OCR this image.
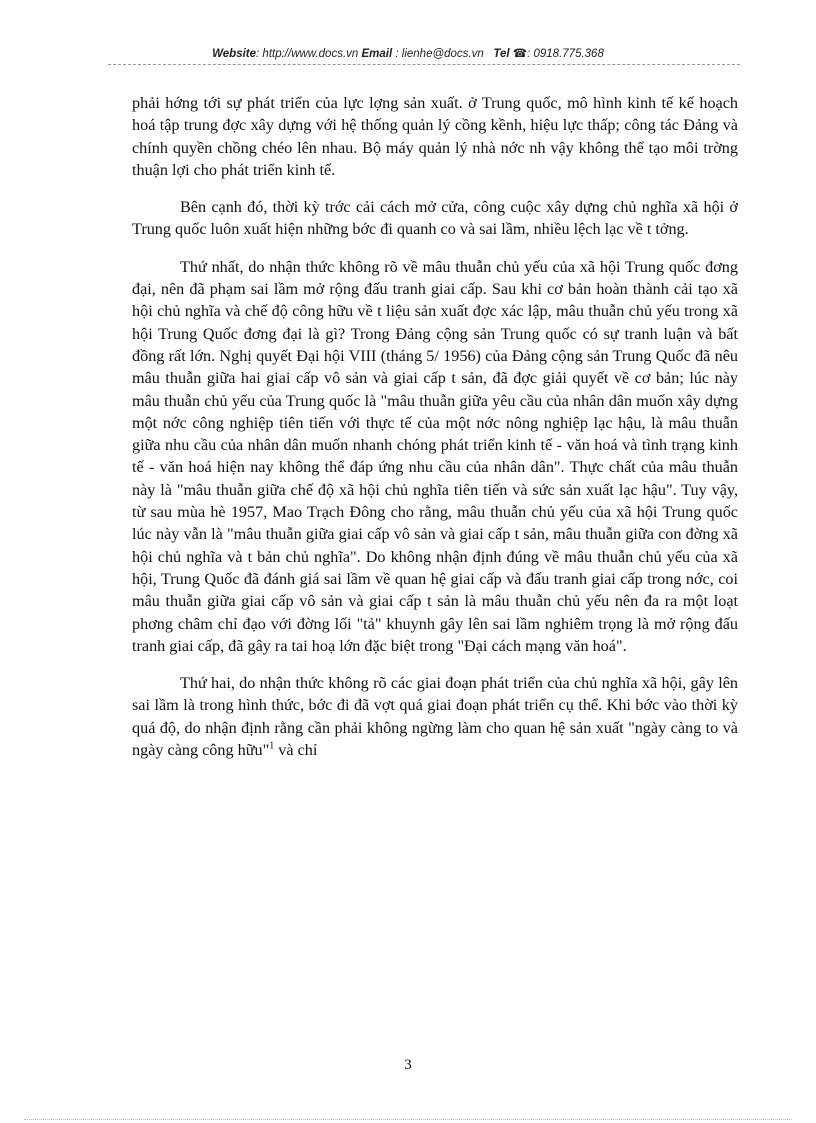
Website: http://www.docs.vn Email : lienhe@docs.vn Tel ☎: 0918.775.368

phải hớng tới sự phát triển của lực lợng sản xuất. ở Trung quốc, mô hình kinh tế kế hoạch hoá tập trung đợc xây dựng với hệ thống quản lý cồng kềnh, hiệu lực thấp; công tác Đảng và chính quyền chồng chéo lên nhau. Bộ máy quản lý nhà nớc nh vậy không thể tạo môi trờng thuận lợi cho phát triển kinh tế.

Bên cạnh đó, thời kỳ trớc cải cách mở cửa, công cuộc xây dựng chủ nghĩa xã hội ở Trung quốc luôn xuất hiện những bớc đi quanh co và sai lầm, nhiều lệch lạc về t tởng.

Thứ nhất, do nhận thức không rõ về mâu thuẫn chủ yếu của xã hội Trung quốc đơng đại, nên đã phạm sai lầm mở rộng đấu tranh giai cấp. Sau khi cơ bản hoàn thành cải tạo xã hội chủ nghĩa và chế độ công hữu về t liệu sản xuất đợc xác lập, mâu thuẫn chủ yếu trong xã hội Trung Quốc đơng đại là gì? Trong Đảng cộng sản Trung quốc có sự tranh luận và bất đồng rất lớn. Nghị quyết Đại hội VIII (tháng 5/ 1956) của Đảng cộng sản Trung Quốc đã nêu mâu thuẫn giữa hai giai cấp vô sản và giai cấp t sản, đã đợc giải quyết về cơ bản; lúc này mâu thuẫn chủ yếu của Trung quốc là "mâu thuẫn giữa yêu cầu của nhân dân muốn xây dựng một nớc công nghiệp tiên tiến với thực tế của một nớc nông nghiệp lạc hậu, là mâu thuẫn giữa nhu cầu của nhân dân muốn nhanh chóng phát triển kinh tế - văn hoá và tình trạng kinh tế - văn hoá hiện nay không thể đáp ứng nhu cầu của nhân dân". Thực chất của mâu thuẫn này là "mâu thuẫn giữa chế độ xã hội chủ nghĩa tiên tiến và sức sản xuất lạc hậu". Tuy vậy, từ sau mùa hè 1957, Mao Trạch Đông cho rằng, mâu thuẫn chủ yếu của xã hội Trung quốc lúc này vẫn là "mâu thuẫn giữa giai cấp vô sản và giai cấp t sản, mâu thuẫn giữa con đờng xã hội chủ nghĩa và t bản chủ nghĩa". Do không nhận định đúng về mâu thuẫn chủ yếu của xã hội, Trung Quốc đã đánh giá sai lầm về quan hệ giai cấp và đấu tranh giai cấp trong nớc, coi mâu thuẫn giữa giai cấp vô sản và giai cấp t sản là mâu thuẫn chủ yếu nên đa ra một loạt phơng châm chỉ đạo với đờng lối "tả" khuynh gây lên sai lầm nghiêm trọng là mở rộng đấu tranh giai cấp, đã gây ra tai hoạ lớn đặc biệt trong "Đại cách mạng văn hoá".

Thứ hai, do nhận thức không rõ các giai đoạn phát triển của chủ nghĩa xã hội, gây lên sai lầm là trong hình thức, bớc đi đã vợt quá giai đoạn phát triển cụ thể. Khi bớc vào thời kỳ quá độ, do nhận định rằng cần phải không ngừng làm cho quan hệ sản xuất "ngày càng to và ngày càng công hữu"$^1$ và chỉ

3
